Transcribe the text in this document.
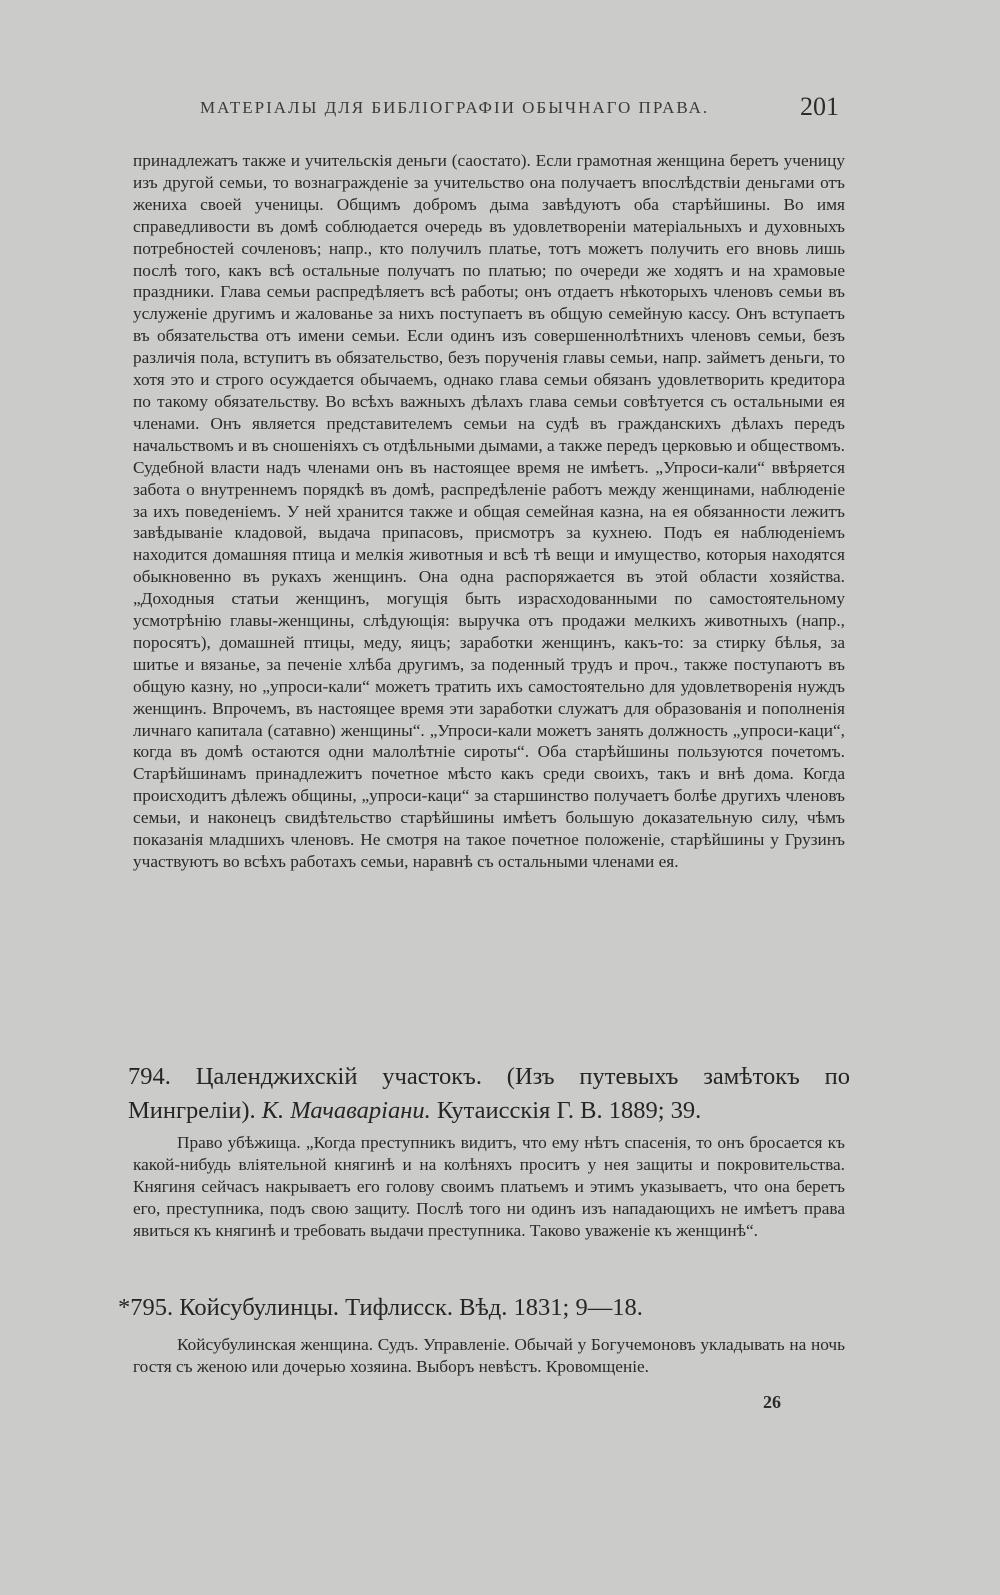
МАТЕРІАЛЫ ДЛЯ БИБЛІОГРАФІИ ОБЫЧНАГО ПРАВА.	201

принадлежатъ также и учительскія деньги (саостато). Если грамотная женщина беретъ ученицу изъ другой семьи, то вознагражденіе за учительство она получаетъ впослѣдствіи деньгами отъ жениха своей ученицы. Общимъ добромъ дыма завѣдуютъ оба старѣйшины. Во имя справедливости въ домѣ соблюдается очередь въ удовлетвореніи матеріальныхъ и духовныхъ потребностей сочленовъ; напр., кто получилъ платье, тотъ можетъ получить его вновь лишь послѣ того, какъ всѣ остальные получатъ по платью; по очереди же ходятъ и на храмовые праздники. Глава семьи распредѣляетъ всѣ работы; онъ отдаетъ нѣкоторыхъ членовъ семьи въ услуженіе другимъ и жалованье за нихъ поступаетъ въ общую семейную кассу. Онъ вступаетъ въ обязательства отъ имени семьи. Если одинъ изъ совершеннолѣтнихъ членовъ семьи, безъ различія пола, вступитъ въ обязательство, безъ порученія главы семьи, напр. займетъ деньги, то хотя это и строго осуждается обычаемъ, однако глава семьи обязанъ удовлетворить кредитора по такому обязательству. Во всѣхъ важныхъ дѣлахъ глава семьи совѣтуется съ остальными ея членами. Онъ является представителемъ семьи на судѣ въ гражданскихъ дѣлахъ передъ начальствомъ и въ сношеніяхъ съ отдѣльными дымами, а также передъ церковью и обществомъ. Судебной власти надъ членами онъ въ настоящее время не имѣетъ. „Упроси-кали“ ввѣряется забота о внутреннемъ порядкѣ въ домѣ, распредѣленіе работъ между женщинами, наблюденіе за ихъ поведеніемъ. У ней хранится также и общая семейная казна, на ея обязанности лежитъ завѣдываніе кладовой, выдача припасовъ, присмотръ за кухнею. Подъ ея наблюденіемъ находится домашняя птица и мелкія животныя и всѣ тѣ вещи и имущество, которыя находятся обыкновенно въ рукахъ женщинъ. Она одна распоряжается въ этой области хозяйства. „Доходныя статьи женщинъ, могущія быть израсходованными по самостоятельному усмотрѣнію главы-женщины, слѣдующія: выручка отъ продажи мелкихъ животныхъ (напр., поросятъ), домашней птицы, меду, яицъ; заработки женщинъ, какъ-то: за стирку бѣлья, за шитье и вязанье, за печеніе хлѣба другимъ, за поденный трудъ и проч., также поступаютъ въ общую казну, но „упроси-кали“ можетъ тратить ихъ самостоятельно для удовлетворенія нуждъ женщинъ. Впрочемъ, въ настоящее время эти заработки служатъ для образованія и пополненія личнаго капитала (сатавно) женщины“. „Упроси-кали можетъ занять должность „упроси-каци“, когда въ домѣ остаются одни малолѣтніе сироты“. Оба старѣйшины пользуются почетомъ. Старѣйшинамъ принадлежитъ почетное мѣсто какъ среди своихъ, такъ и внѣ дома. Когда происходитъ дѣлежъ общины, „упроси-каци“ за старшинство получаетъ болѣе другихъ членовъ семьи, и наконецъ свидѣтельство старѣйшины имѣетъ большую доказательную силу, чѣмъ показанія младшихъ членовъ. Не смотря на такое почетное положеніе, старѣйшины у Грузинъ участвуютъ во всѣхъ работахъ семьи, наравнѣ съ остальными членами ея.

794. Цаленджихскій участокъ. (Изъ путевыхъ замѣтокъ по Мингреліи). К. Мачаваріани. Кутаисскія Г. В. 1889; 39.

Право убѣжища. „Когда преступникъ видитъ, что ему нѣтъ спасенія, то онъ бросается къ какой-нибудь вліятельной княгинѣ и на колѣняхъ проситъ у нея защиты и покровительства. Княгиня сейчасъ накрываетъ его голову своимъ платьемъ и этимъ указываетъ, что она беретъ его, преступника, подъ свою защиту. Послѣ того ни одинъ изъ нападающихъ не имѣетъ права явиться къ княгинѣ и требовать выдачи преступника. Таково уваженіе къ женщинѣ“.

*795. Койсубулинцы. Тифлисск. Вѣд. 1831; 9—18.

Койсубулинская женщина. Судъ. Управленіе. Обычай у Богучемоновъ укладывать на ночь гостя съ женою или дочерью хозяина. Выборъ невѣстъ. Кровомщеніе.

26
